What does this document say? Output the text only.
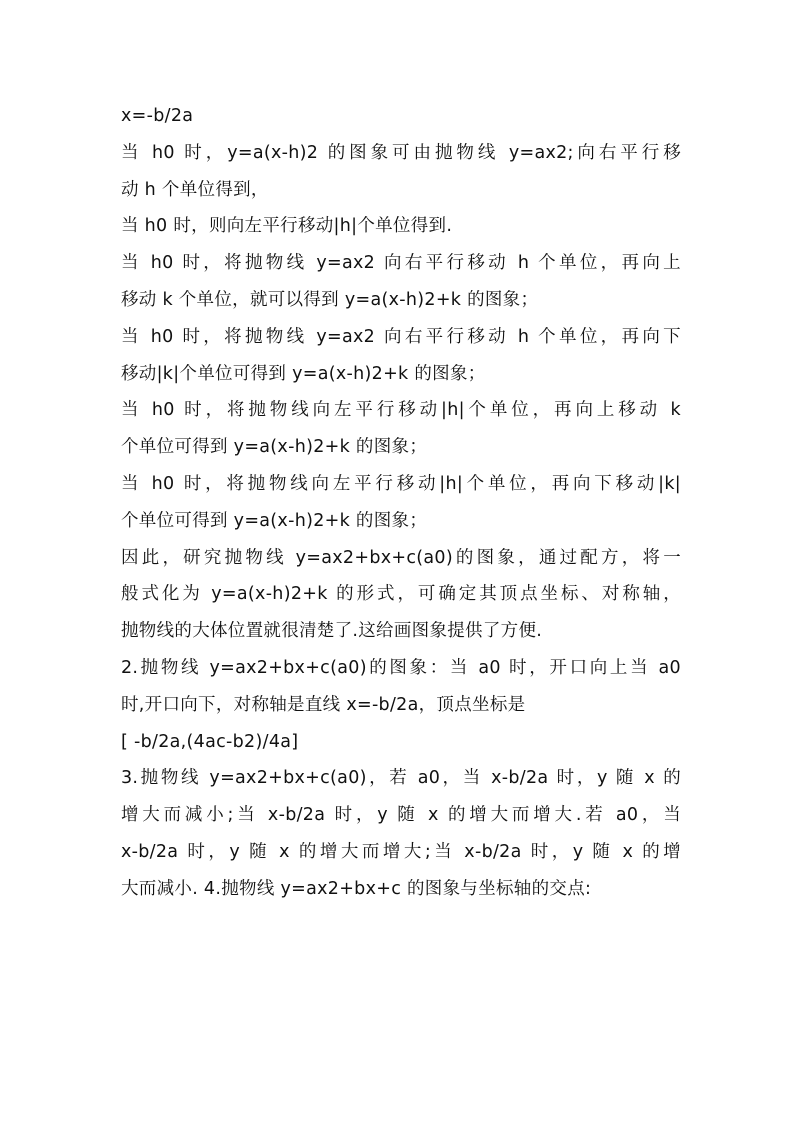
x=-b/2a
当 h0 时，y=a(x-h)2 的图象可由抛物线 y=ax2;向右平行移
动 h 个单位得到，
当 h0 时，则向左平行移动|h|个单位得到.
当 h0 时，将抛物线 y=ax2 向右平行移动 h 个单位，再向上
移动 k 个单位，就可以得到 y=a(x-h)2+k 的图象；
当 h0 时，将抛物线 y=ax2 向右平行移动 h 个单位，再向下
移动|k|个单位可得到 y=a(x-h)2+k 的图象；
当 h0 时，将抛物线向左平行移动|h|个单位，再向上移动 k
个单位可得到 y=a(x-h)2+k 的图象；
当 h0 时，将抛物线向左平行移动|h|个单位，再向下移动|k|
个单位可得到 y=a(x-h)2+k 的图象；
因此，研究抛物线 y=ax2+bx+c(a0)的图象，通过配方，将一
般式化为 y=a(x-h)2+k 的形式，可确定其顶点坐标、对称轴，
抛物线的大体位置就很清楚了.这给画图象提供了方便.
2.抛物线 y=ax2+bx+c(a0)的图象：当 a0 时，开口向上当 a0
时,开口向下，对称轴是直线 x=-b/2a，顶点坐标是
[ -b/2a,(4ac-b2)/4a]
3.抛物线 y=ax2+bx+c(a0)，若 a0，当 x-b/2a 时，y 随 x 的
增大而减小;当 x-b/2a 时，y 随 x 的增大而增大.若 a0，当
x-b/2a 时，y 随 x 的增大而增大;当 x-b/2a 时，y 随 x 的增
大而减小. 4.抛物线 y=ax2+bx+c 的图象与坐标轴的交点:
